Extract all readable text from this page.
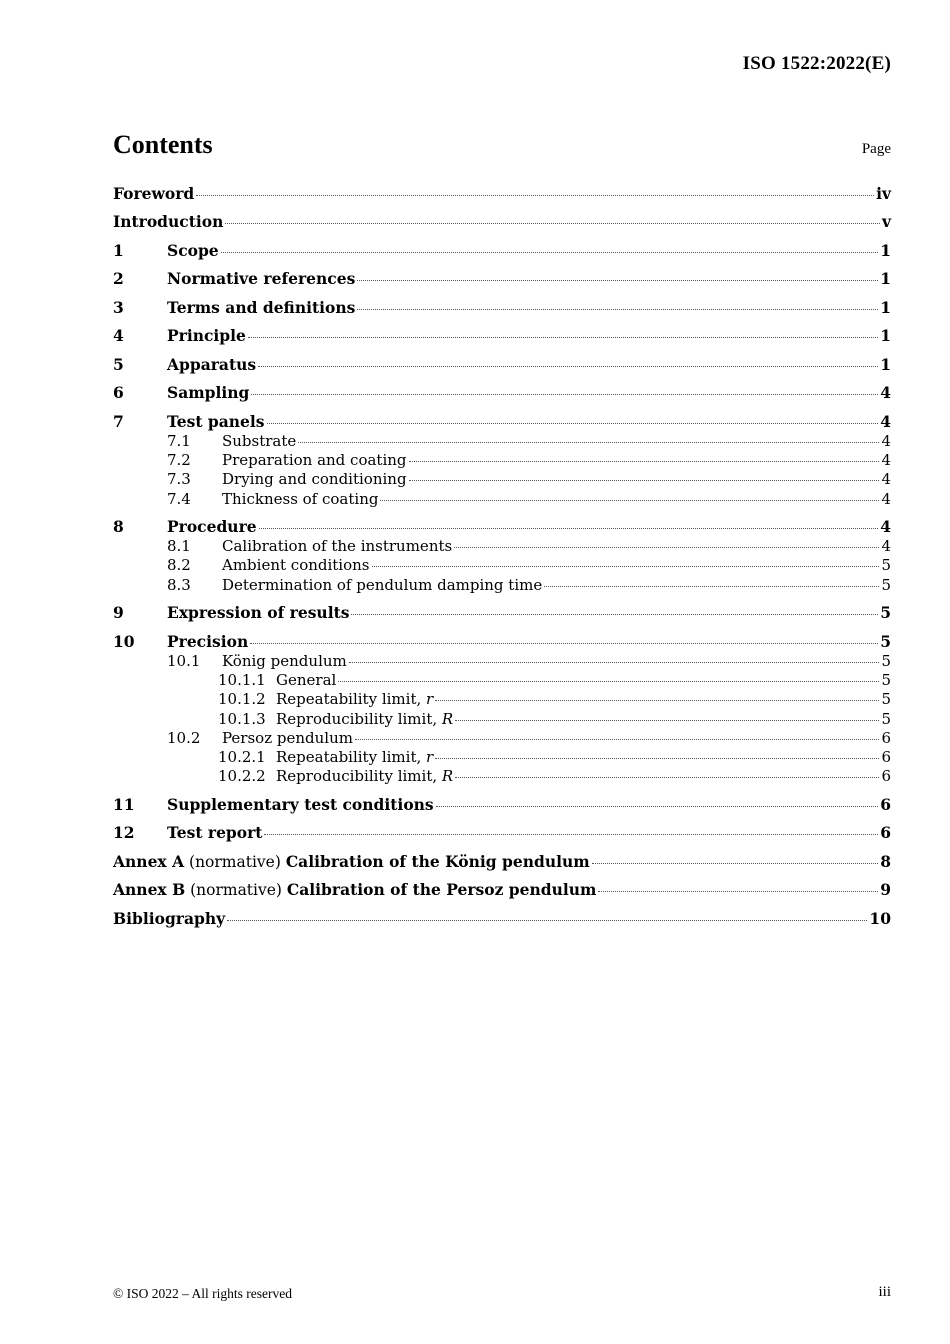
ISO 1522:2022(E)
Contents	Page
Foreword	iv
Introduction	v
1	Scope	1
2	Normative references	1
3	Terms and definitions	1
4	Principle	1
5	Apparatus	1
6	Sampling	4
7	Test panels	4
7.1	Substrate	4
7.2	Preparation and coating	4
7.3	Drying and conditioning	4
7.4	Thickness of coating	4
8	Procedure	4
8.1	Calibration of the instruments	4
8.2	Ambient conditions	5
8.3	Determination of pendulum damping time	5
9	Expression of results	5
10	Precision	5
10.1	König pendulum	5
10.1.1 General	5
10.1.2 Repeatability limit, r	5
10.1.3 Reproducibility limit, R	5
10.2	Persoz pendulum	6
10.2.1 Repeatability limit, r	6
10.2.2 Reproducibility limit, R	6
11	Supplementary test conditions	6
12	Test report	6
Annex A (normative) Calibration of the König pendulum	8
Annex B (normative) Calibration of the Persoz pendulum	9
Bibliography	10
© ISO 2022 – All rights reserved	iii
